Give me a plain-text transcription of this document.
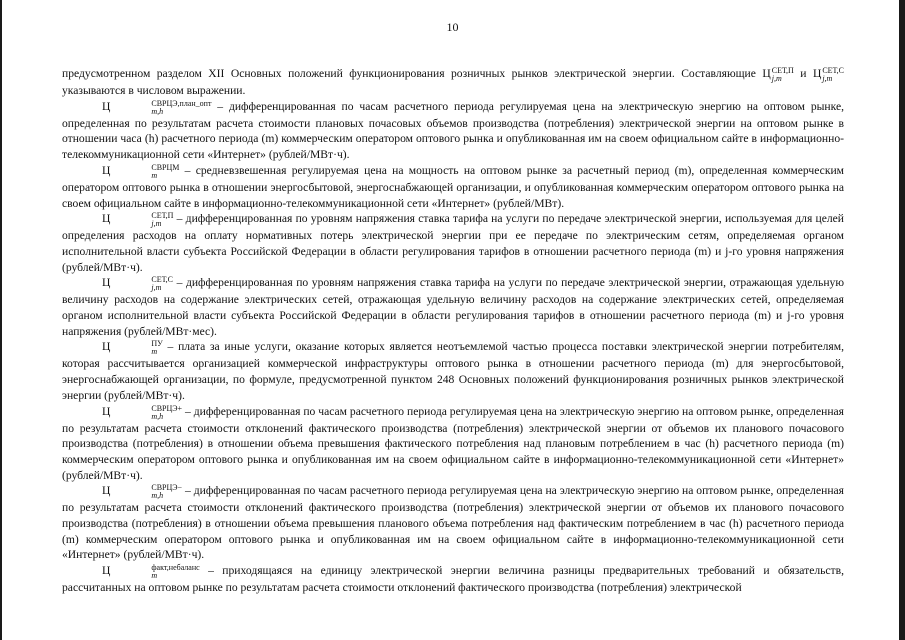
10

предусмотренном разделом XII Основных положений функционирования розничных рынков электрической энергии. Составляющие Ц СЕТ,П
j,m	и Ц СЕТ,С
j,m
указываются в числовом выражении.

Ц	СВРЦЭ,план_опт
m,h	– дифференцированная по часам расчетного периода регулируемая цена на электрическую энергию на оптовом рынке, определенная по результатам расчета стоимости плановых почасовых объемов производства (потребления) электрической энергии на оптовом рынке в отношении часа (h) расчетного периода (m) коммерческим оператором оптового рынка и опубликованная им на своем официальном сайте в информационно-телекоммуникационной сети «Интернет» (рублей/МВт·ч).

Ц	СВРЦМ
m	– средневзвешенная регулируемая цена на мощность на оптовом рынке за расчетный период (m), определенная коммерческим оператором оптового рынка в отношении энергосбытовой, энергоснабжающей организации, и опубликованная коммерческим оператором оптового рынка на своем официальном сайте в информационно-телекоммуникационной сети «Интернет» (рублей/МВт).

Ц	СЕТ,П
j,m	– дифференцированная по уровням напряжения ставка тарифа на услуги по передаче электрической энергии, используемая для целей определения расходов на оплату нормативных потерь электрической энергии при ее передаче по электрическим сетям, определяемая органом исполнительной власти субъекта Российской Федерации в области регулирования тарифов в отношении расчетного периода (m) и j-го уровня напряжения (рублей/МВт·ч).

Ц	СЕТ,С
j,m	– дифференцированная по уровням напряжения ставка тарифа на услуги по передаче электрической энергии, отражающая удельную величину расходов на содержание электрических сетей, отражающая удельную величину расходов на содержание электрических сетей, определяемая органом исполнительной власти субъекта Российской Федерации в области регулирования тарифов в отношении расчетного периода (m) и j-го уровня напряжения (рублей/МВт·мес).

Ц	ПУ
m – плата за иные услуги, оказание которых является неотъемлемой частью процесса поставки электрической энергии потребителям, которая рассчитывается организацией коммерческой инфраструктуры оптового рынка в отношении расчетного периода (m) для энергосбытовой, энергоснабжающей организации, по формуле, предусмотренной пунктом 248 Основных положений функционирования розничных рынков электрической энергии (рублей/МВт·ч).

Ц	СВРЦЭ+
m,h	– дифференцированная по часам расчетного периода регулируемая цена на электрическую энергию на оптовом рынке, определенная по результатам расчета стоимости отклонений фактического производства (потребления) электрической энергии от объемов их планового почасового производства (потребления) в отношении объема превышения фактического потребления над плановым потреблением в час (h) расчетного периода (m) коммерческим оператором оптового рынка и опубликованная им на своем официальном сайте в информационно-телекоммуникационной сети «Интернет» (рублей/МВт·ч).

Ц	СВРЦЭ−
m,h	– дифференцированная по часам расчетного периода регулируемая цена на электрическую энергию на оптовом рынке, определенная по результатам расчета стоимости отклонений фактического производства (потребления) электрической энергии от объемов их планового почасового производства (потребления) в отношении объема превышения планового объема потребления над фактическим потреблением в час (h) расчетного периода (m) коммерческим оператором оптового рынка и опубликованная им на своем официальном сайте в информационно-телекоммуникационной сети «Интернет» (рублей/МВт·ч).

Ц	факт,небаланс
m	– приходящаяся на единицу электрической энергии величина разницы предварительных требований и обязательств, рассчитанных на оптовом рынке по результатам расчета стоимости отклонений фактического производства (потребления) электрической
